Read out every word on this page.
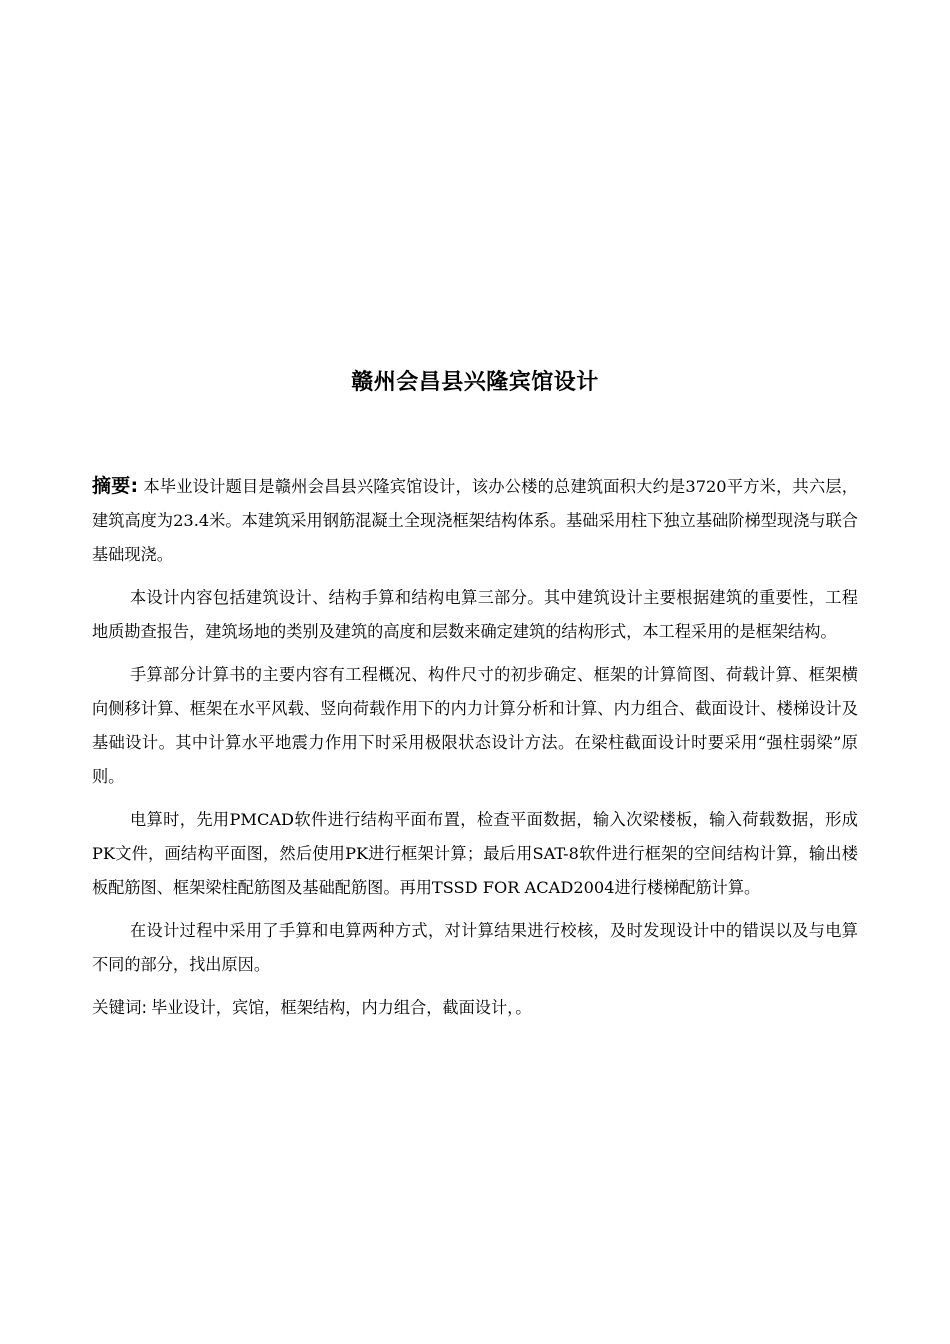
赣州会昌县兴隆宾馆设计

摘要: 本毕业设计题目是赣州会昌县兴隆宾馆设计，该办公楼的总建筑面积大约是3720平方米，共六层，建筑高度为23.4米。本建筑采用钢筋混凝土全现浇框架结构体系。基础采用柱下独立基础阶梯型现浇与联合基础现浇。

本设计内容包括建筑设计、结构手算和结构电算三部分。其中建筑设计主要根据建筑的重要性，工程地质勘查报告，建筑场地的类别及建筑的高度和层数来确定建筑的结构形式，本工程采用的是框架结构。

手算部分计算书的主要内容有工程概况、构件尺寸的初步确定、框架的计算简图、荷载计算、框架横向侧移计算、框架在水平风载、竖向荷载作用下的内力计算分析和计算、内力组合、截面设计、楼梯设计及基础设计。其中计算水平地震力作用下时采用极限状态设计方法。在梁柱截面设计时要采用“强柱弱梁”原则。

电算时，先用PMCAD软件进行结构平面布置，检查平面数据，输入次梁楼板，输入荷载数据，形成PK文件，画结构平面图，然后使用PK进行框架计算；最后用SAT-8软件进行框架的空间结构计算，输出楼板配筋图、框架梁柱配筋图及基础配筋图。再用TSSD FOR ACAD2004进行楼梯配筋计算。

在设计过程中采用了手算和电算两种方式，对计算结果进行校核，及时发现设计中的错误以及与电算不同的部分，找出原因。

关键词: 毕业设计，宾馆，框架结构，内力组合，截面设计，。
